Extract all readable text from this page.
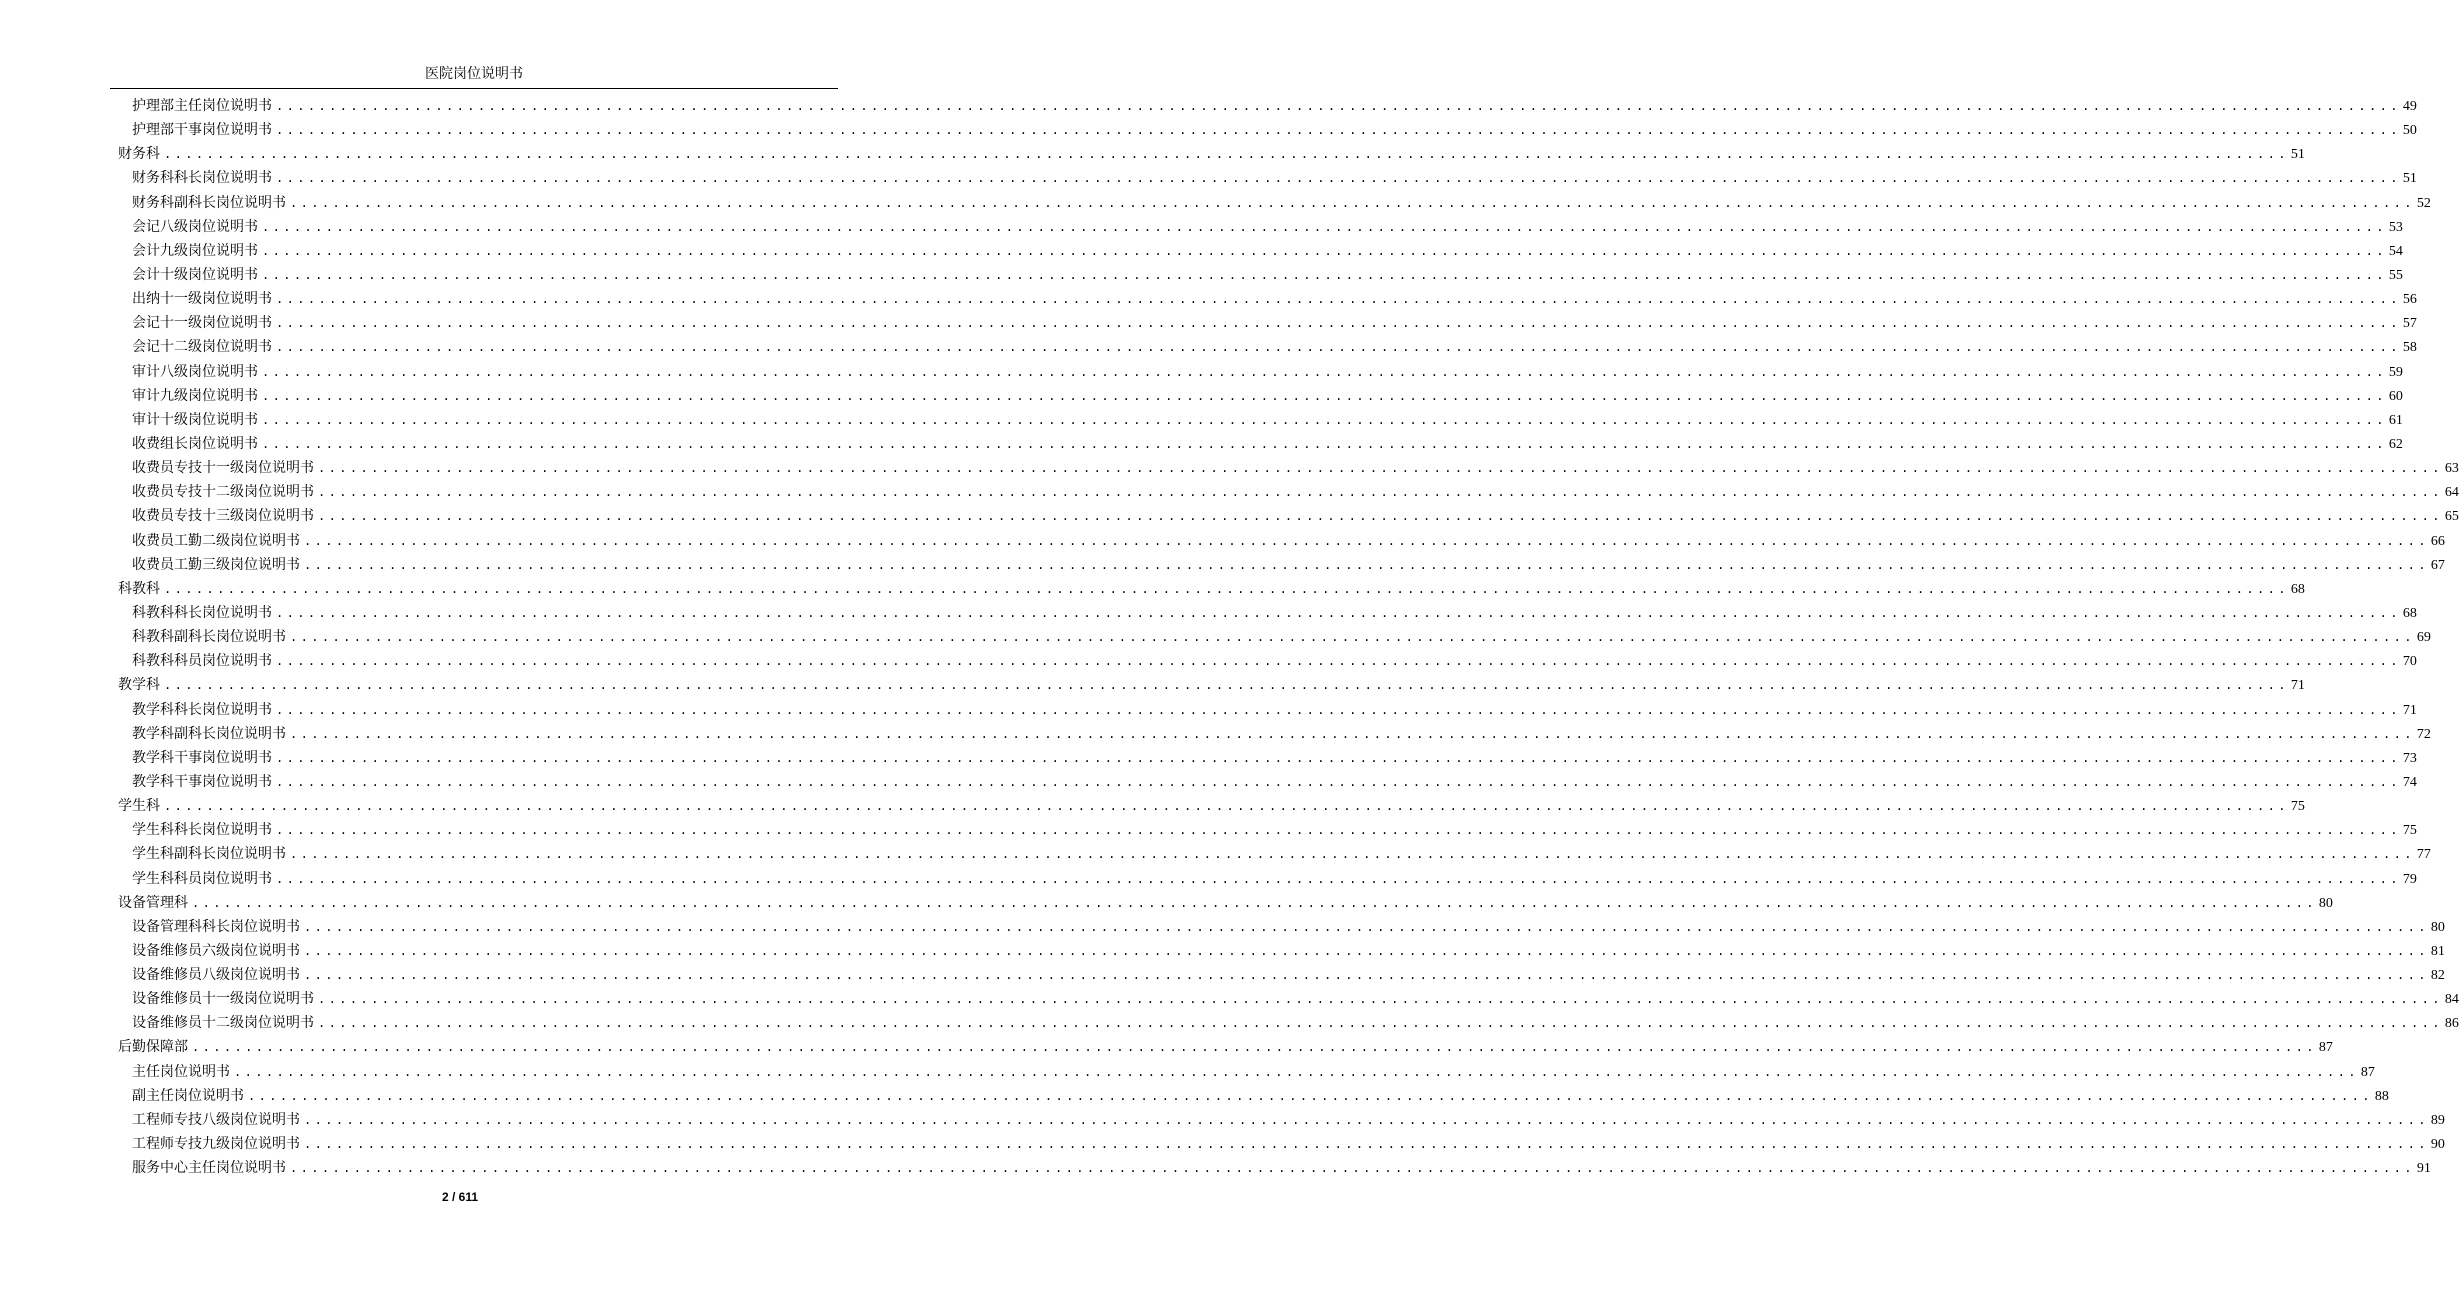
医院岗位说明书
护理部主任岗位说明书 ........................................................................................................................................................................................................ 49
护理部干事岗位说明书 ........................................................................................................................................................................................................ 50
财务科 ........................................................................................................................................................................................................ 51
财务科科长岗位说明书 ........................................................................................................................................................................................................ 51
财务科副科长岗位说明书 ........................................................................................................................................................................................................ 52
会记八级岗位说明书 ........................................................................................................................................................................................................ 53
会计九级岗位说明书 ........................................................................................................................................................................................................ 54
会计十级岗位说明书 ........................................................................................................................................................................................................ 55
出纳十一级岗位说明书 ........................................................................................................................................................................................................ 56
会记十一级岗位说明书 ........................................................................................................................................................................................................ 57
会记十二级岗位说明书 ........................................................................................................................................................................................................ 58
审计八级岗位说明书 ........................................................................................................................................................................................................ 59
审计九级岗位说明书 ........................................................................................................................................................................................................ 60
审计十级岗位说明书 ........................................................................................................................................................................................................ 61
收费组长岗位说明书 ........................................................................................................................................................................................................ 62
收费员专技十一级岗位说明书 ........................................................................................................................................................................................................ 63
收费员专技十二级岗位说明书 ........................................................................................................................................................................................................ 64
收费员专技十三级岗位说明书 ........................................................................................................................................................................................................ 65
收费员工勤二级岗位说明书 ........................................................................................................................................................................................................ 66
收费员工勤三级岗位说明书 ........................................................................................................................................................................................................ 67
科教科 ........................................................................................................................................................................................................ 68
科教科科长岗位说明书 ........................................................................................................................................................................................................ 68
科教科副科长岗位说明书 ........................................................................................................................................................................................................ 69
科教科科员岗位说明书 ........................................................................................................................................................................................................ 70
教学科 ........................................................................................................................................................................................................ 71
教学科科长岗位说明书 ........................................................................................................................................................................................................ 71
教学科副科长岗位说明书 ........................................................................................................................................................................................................ 72
教学科干事岗位说明书 ........................................................................................................................................................................................................ 73
教学科干事岗位说明书 ........................................................................................................................................................................................................ 74
学生科 ........................................................................................................................................................................................................ 75
学生科科长岗位说明书 ........................................................................................................................................................................................................ 75
学生科副科长岗位说明书 ........................................................................................................................................................................................................ 77
学生科科员岗位说明书 ........................................................................................................................................................................................................ 79
设备管理科 ........................................................................................................................................................................................................ 80
设备管理科科长岗位说明书 ........................................................................................................................................................................................................ 80
设备维修员六级岗位说明书 ........................................................................................................................................................................................................ 81
设备维修员八级岗位说明书 ........................................................................................................................................................................................................ 82
设备维修员十一级岗位说明书 ........................................................................................................................................................................................................ 84
设备维修员十二级岗位说明书 ........................................................................................................................................................................................................ 86
后勤保障部 ........................................................................................................................................................................................................ 87
主任岗位说明书 ........................................................................................................................................................................................................ 87
副主任岗位说明书 ........................................................................................................................................................................................................ 88
工程师专技八级岗位说明书 ........................................................................................................................................................................................................ 89
工程师专技九级岗位说明书 ........................................................................................................................................................................................................ 90
服务中心主任岗位说明书 ........................................................................................................................................................................................................ 91
2 / 611
